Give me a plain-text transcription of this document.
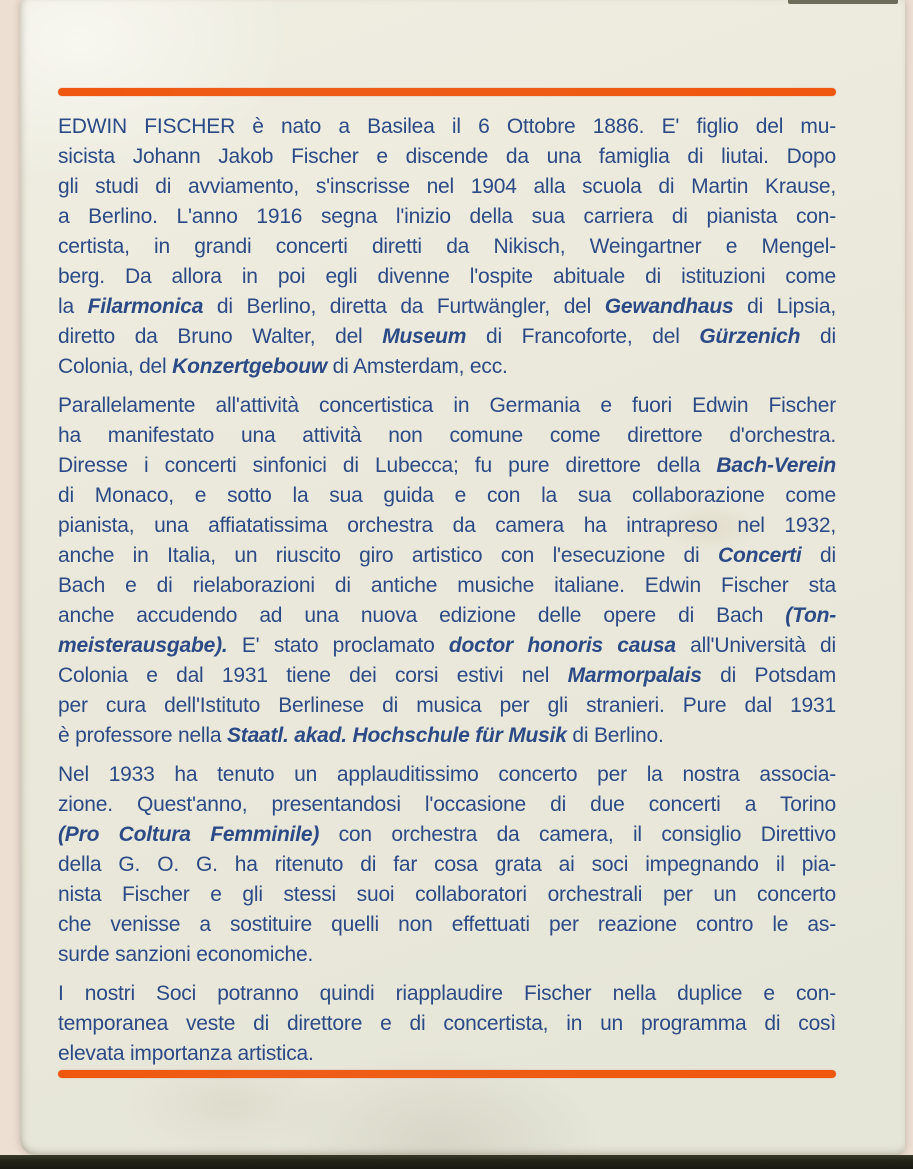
EDWIN FISCHER è nato a Basilea il 6 Ottobre 1886. E' figlio del mu-
sicista Johann Jakob Fischer e discende da una famiglia di liutai. Dopo
gli studi di avviamento, s'inscrisse nel 1904 alla scuola di Martin Krause,
a Berlino. L'anno 1916 segna l'inizio della sua carriera di pianista con-
certista, in grandi concerti diretti da Nikisch, Weingartner e Mengel-
berg. Da allora in poi egli divenne l'ospite abituale di istituzioni come
la Filarmonica di Berlino, diretta da Furtwängler, del Gewandhaus di Lipsia,
diretto da Bruno Walter, del Museum di Francoforte, del Gürzenich di
Colonia, del Konzertgebouw di Amsterdam, ecc.
Parallelamente all'attività concertistica in Germania e fuori Edwin Fischer
ha manifestato una attività non comune come direttore d'orchestra.
Diresse i concerti sinfonici di Lubecca; fu pure direttore della Bach-Verein
di Monaco, e sotto la sua guida e con la sua collaborazione come
pianista, una affiatatissima orchestra da camera ha intrapreso nel 1932,
anche in Italia, un riuscito giro artistico con l'esecuzione di Concerti di
Bach e di rielaborazioni di antiche musiche italiane. Edwin Fischer sta
anche accudendo ad una nuova edizione delle opere di Bach (Ton-
meisterausgabe). E' stato proclamato doctor honoris causa all'Università di
Colonia e dal 1931 tiene dei corsi estivi nel Marmorpalais di Potsdam
per cura dell'Istituto Berlinese di musica per gli stranieri. Pure dal 1931
è professore nella Staatl. akad. Hochschule für Musik di Berlino.
Nel 1933 ha tenuto un applauditissimo concerto per la nostra associa-
zione. Quest'anno, presentandosi l'occasione di due concerti a Torino
(Pro Coltura Femminile) con orchestra da camera, il consiglio Direttivo
della G. O. G. ha ritenuto di far cosa grata ai soci impegnando il pia-
nista Fischer e gli stessi suoi collaboratori orchestrali per un concerto
che venisse a sostituire quelli non effettuati per reazione contro le as-
surde sanzioni economiche.
I nostri Soci potranno quindi riapplaudire Fischer nella duplice e con-
temporanea veste di direttore e di concertista, in un programma di così
elevata importanza artistica.
